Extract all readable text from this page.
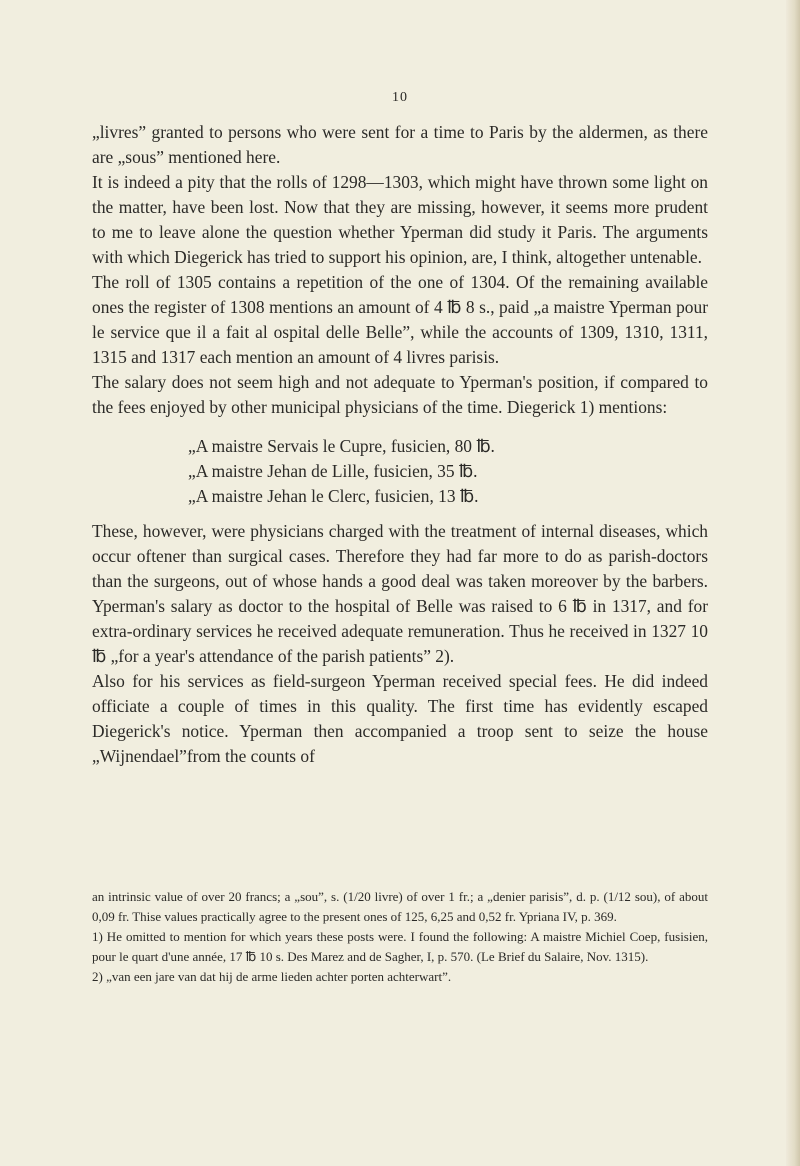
10

„livres” granted to persons who were sent for a time to Paris by the aldermen, as there are „sous” mentioned here.

It is indeed a pity that the rolls of 1298—1303, which might have thrown some light on the matter, have been lost. Now that they are missing, however, it seems more prudent to me to leave alone the question whether Yperman did study it Paris. The arguments with which Diegerick has tried to support his opinion, are, I think, altogether untenable.

The roll of 1305 contains a repetition of the one of 1304. Of the remaining available ones the register of 1308 mentions an amount of 4 ℔ 8 s., paid „a maistre Yperman pour le service que il a fait al ospital delle Belle”, while the accounts of 1309, 1310, 1311, 1315 and 1317 each mention an amount of 4 livres parisis.

The salary does not seem high and not adequate to Yperman's position, if compared to the fees enjoyed by other municipal physicians of the time. Diegerick 1) mentions:

„A maistre Servais le Cupre, fusicien, 80 ℔.
„A maistre Jehan de Lille, fusicien, 35 ℔.
„A maistre Jehan le Clerc, fusicien, 13 ℔.

These, however, were physicians charged with the treatment of internal diseases, which occur oftener than surgical cases. Therefore they had far more to do as parish-doctors than the surgeons, out of whose hands a good deal was taken moreover by the barbers. Yperman's salary as doctor to the hospital of Belle was raised to 6 ℔ in 1317, and for extra-ordinary services he received adequate remuneration. Thus he received in 1327 10 ℔ „for a year's attendance of the parish patients” 2).

Also for his services as field-surgeon Yperman received special fees. He did indeed officiate a couple of times in this quality. The first time has evidently escaped Diegerick's notice. Yperman then accompanied a troop sent to seize the house „Wijnendael”from the counts of

an intrinsic value of over 20 francs; a „sou”, s. (1/20 livre) of over 1 fr.; a „denier parisis”, d. p. (1/12 sou), of about 0,09 fr. Thise values practically agree to the present ones of 125, 6,25 and 0,52 fr. Ypriana IV, p. 369.

1) He omitted to mention for which years these posts were. I found the following: A maistre Michiel Coep, fusisien, pour le quart d'une année, 17 ℔ 10 s. Des Marez and de Sagher, I, p. 570. (Le Brief du Salaire, Nov. 1315).

2) „van een jare van dat hij de arme lieden achter porten achterwart”.
